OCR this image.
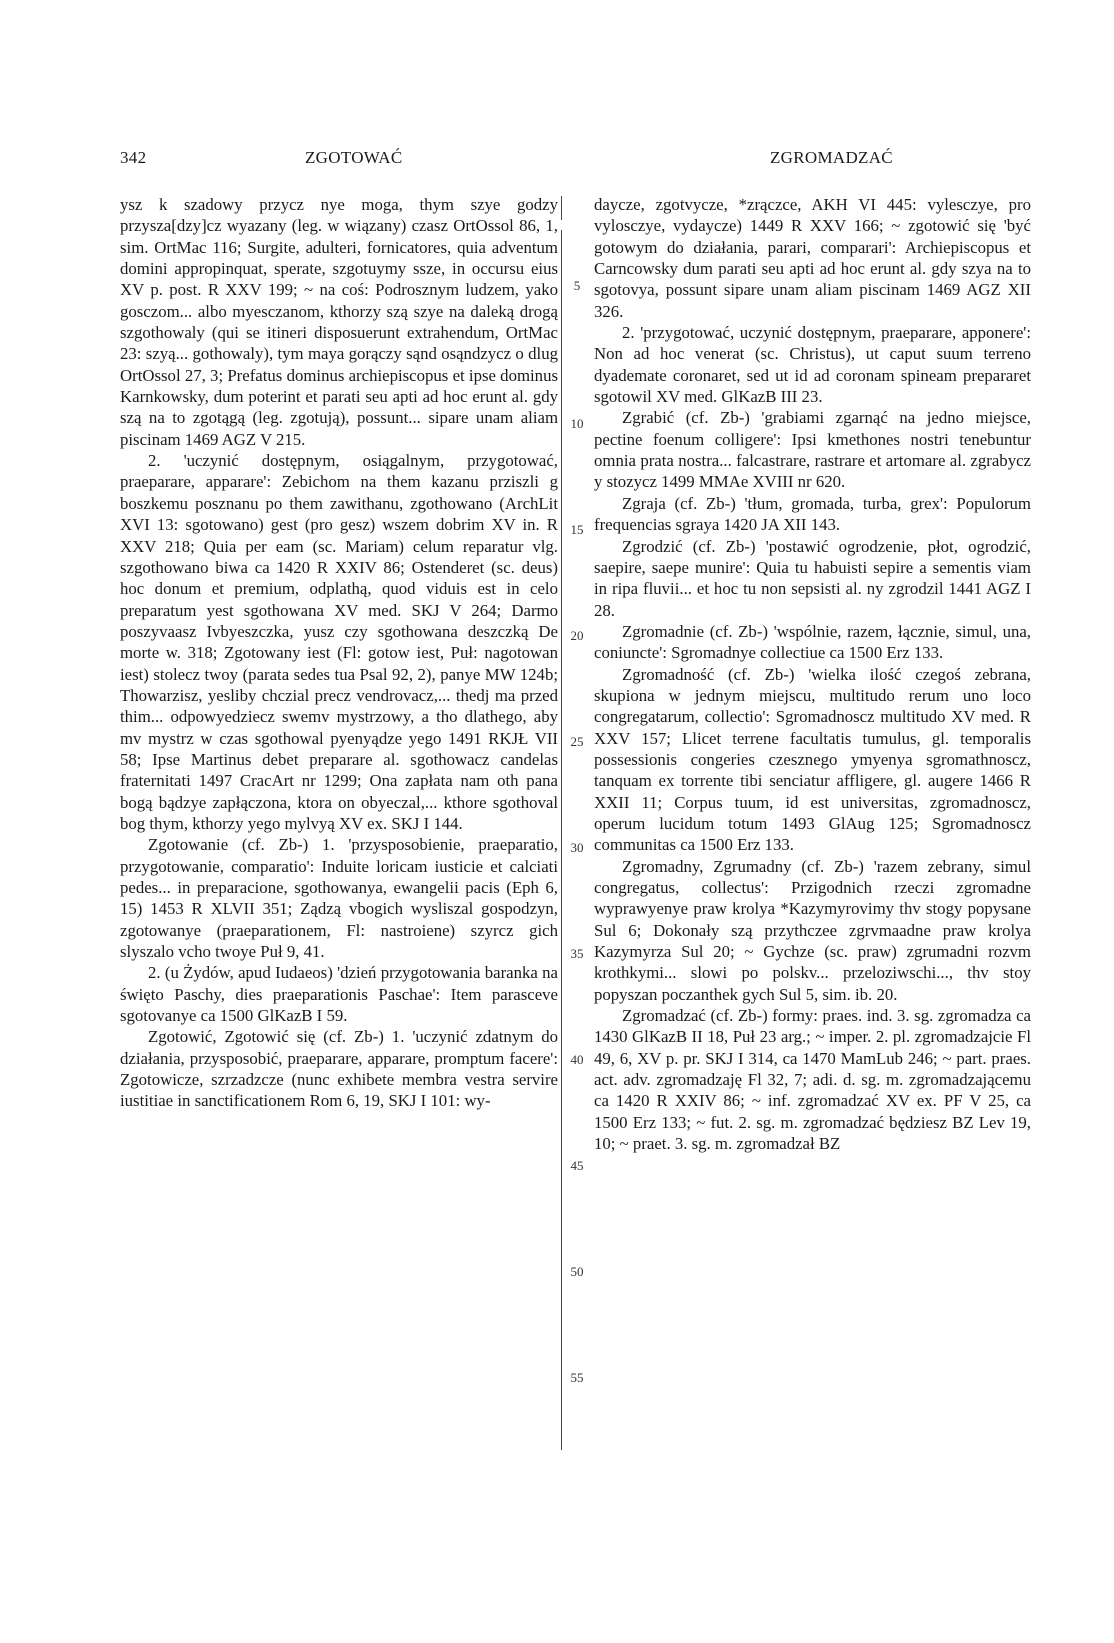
342	ZGOTOWAĆ	ZGROMADZAĆ
5
10
15
20
25
30
35
40
45
50
55

ysz k szadowy przycz nye moga, thym szye godzy przysza[dzy]cz wyazany (leg. w wiązany) czasz OrtOssol 86, 1, sim. OrtMac 116; Surgite, adulteri, fornicatores, quia adventum domini appropinquat, sperate, szgotuymy ssze, in occursu eius XV p. post. R XXV 199; ~ na coś: Podrosznym ludzem, yako gosczom... albo myesczanom, kthorzy szą szye na daleką drogą szgothowaly (qui se itineri disposuerunt extrahendum, OrtMac 23: szyą... gothowaly), tym maya gorączy sąnd osąndzycz o dlug OrtOssol 27, 3; Prefatus dominus archiepiscopus et ipse dominus Karnkowsky, dum poterint et parati seu apti ad hoc erunt al. gdy szą na to zgotągą (leg. zgotują), possunt... sipare unam aliam piscinam 1469 AGZ V 215.

2. 'uczynić dostępnym, osiągalnym, przygotować, praeparare, apparare': Zebichom na them kazanu prziszli g boszkemu posznanu po them zawithanu, zgothowano (ArchLit XVI 13: sgotowano) gest (pro gesz) wszem dobrim XV in. R XXV 218; Quia per eam (sc. Mariam) celum reparatur vlg. szgothowano biwa ca 1420 R XXIV 86; Ostenderet (sc. deus) hoc donum et premium, odplathą, quod viduis est in celo preparatum yest sgothowana XV med. SKJ V 264; Darmo poszyvaasz Ivbyeszczka, yusz czy sgothowana deszczką De morte w. 318; Zgotowany iest (Fl: gotow iest, Puł: nagotowan iest) stolecz twoy (parata sedes tua Psal 92, 2), panye MW 124b; Thowarzisz, yesliby chczial precz vendrovacz,... thedj ma przed thim... odpowyedziecz swemv mystrzowy, a tho dlathego, aby mv mystrz w czas sgothowal pyenyądze yego 1491 RKJŁ VII 58; Ipse Martinus debet preparare al. sgothowacz candelas fraternitati 1497 CracArt nr 1299; Ona zapłata nam oth pana bogą bądzye zapłączona, ktora on obyeczal,... kthore sgothoval bog thym, kthorzy yego mylvyą XV ex. SKJ I 144.

Zgotowanie (cf. Zb-) 1. 'przysposobienie, praeparatio, przygotowanie, comparatio': Induite loricam iusticie et calciati pedes... in preparacione, sgothowanya, ewangelii pacis (Eph 6, 15) 1453 R XLVII 351; Ządzą vbogich wysliszal gospodzyn, zgotowanye (praeparationem, Fl: nastroiene) szyrcz gich slyszalo vcho twoye Puł 9, 41.

2. (u Żydów, apud Iudaeos) 'dzień przygotowania baranka na święto Paschy, dies praeparationis Paschae': Item parasceve sgotovanye ca 1500 GlKazB I 59.

Zgotowić, Zgotowić się (cf. Zb-) 1. 'uczynić zdatnym do działania, przysposobić, praeparare, apparare, promptum facere': Zgotowicze, szrzadzcze (nunc exhibete membra vestra servire iustitiae in sanctificationem Rom 6, 19, SKJ I 101: wy-

daycze, zgotvycze, *zrączce, AKH VI 445: vylesczye, pro vylosczye, vydaycze) 1449 R XXV 166; ~ zgotowić się 'być gotowym do działania, parari, comparari': Archiepiscopus et Carncowsky dum parati seu apti ad hoc erunt al. gdy szya na to sgotovya, possunt sipare unam aliam piscinam 1469 AGZ XII 326.

2. 'przygotować, uczynić dostępnym, praeparare, apponere': Non ad hoc venerat (sc. Christus), ut caput suum terreno dyademate coronaret, sed ut id ad coronam spineam prepararet sgotowil XV med. GlKazB III 23.

Zgrabić (cf. Zb-) 'grabiami zgarnąć na jedno miejsce, pectine foenum colligere': Ipsi kmethones nostri tenebuntur omnia prata nostra... falcastrare, rastrare et artomare al. zgrabycz y stozycz 1499 MMAe XVIII nr 620.

Zgraja (cf. Zb-) 'tłum, gromada, turba, grex': Populorum frequencias sgraya 1420 JA XII 143.

Zgrodzić (cf. Zb-) 'postawić ogrodzenie, płot, ogrodzić, saepire, saepe munire': Quia tu habuisti sepire a sementis viam in ripa fluvii... et hoc tu non sepsisti al. ny zgrodzil 1441 AGZ I 28.

Zgromadnie (cf. Zb-) 'wspólnie, razem, łącznie, simul, una, coniuncte': Sgromadnye collectiue ca 1500 Erz 133.

Zgromadność (cf. Zb-) 'wielka ilość czegoś zebrana, skupiona w jednym miejscu, multitudo rerum uno loco congregatarum, collectio': Sgromadnoscz multitudo XV med. R XXV 157; Llicet terrene facultatis tumulus, gl. temporalis possessionis congeries czesznego ymyenya sgromathnoscz, tanquam ex torrente tibi senciatur affligere, gl. augere 1466 R XXII 11; Corpus tuum, id est universitas, zgromadnoscz, operum lucidum totum 1493 GlAug 125; Sgromadnoscz communitas ca 1500 Erz 133.

Zgromadny, Zgrumadny (cf. Zb-) 'razem zebrany, simul congregatus, collectus': Przigodnich rzeczi zgromadne wyprawyenye praw krolya *Kazymyrovimy thv stogy popysane Sul 6; Dokonały szą przythczee zgrvmaadne praw krolya Kazymyrza Sul 20; ~ Gychze (sc. praw) zgrumadni rozvm krothkymi... slowi po polskv... przeloziwschi..., thv stoy popyszan poczanthek gych Sul 5, sim. ib. 20.

Zgromadzać (cf. Zb-) formy: praes. ind. 3. sg. zgromadza ca 1430 GlKazB II 18, Puł 23 arg.; ~ imper. 2. pl. zgromadzajcie Fl 49, 6, XV p. pr. SKJ I 314, ca 1470 MamLub 246; ~ part. praes. act. adv. zgromadzaję Fl 32, 7; adi. d. sg. m. zgromadzającemu ca 1420 R XXIV 86; ~ inf. zgromadzać XV ex. PF V 25, ca 1500 Erz 133; ~ fut. 2. sg. m. zgromadzać będziesz BZ Lev 19, 10; ~ praet. 3. sg. m. zgromadzał BZ
